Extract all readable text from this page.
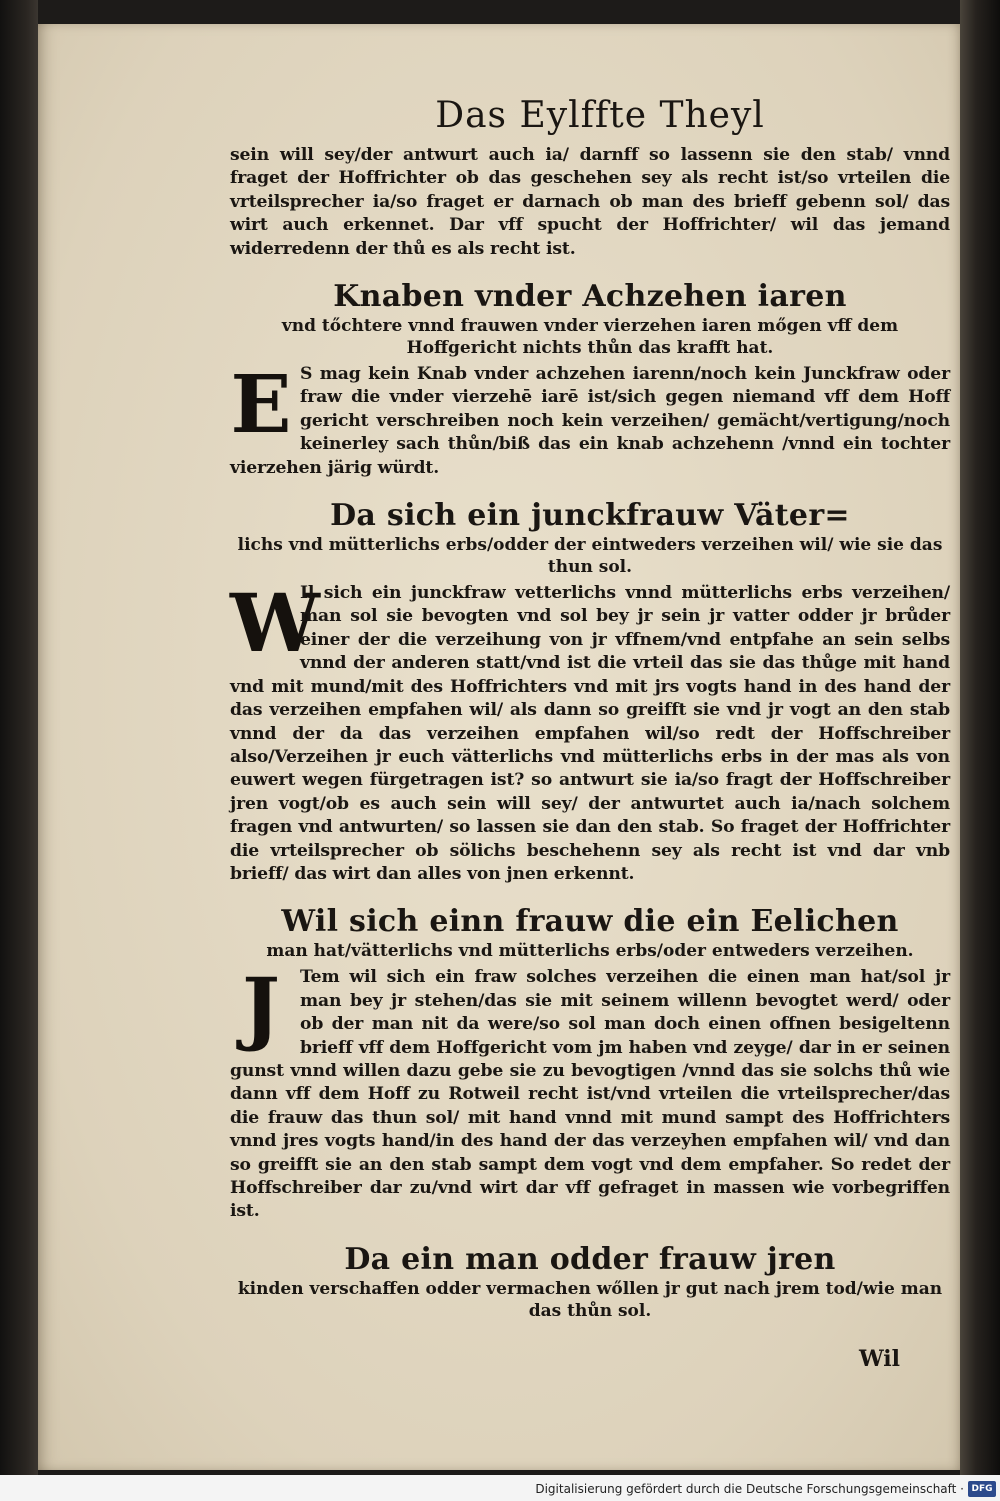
Das Eylffte Theyl

sein will sey/der antwurt auch ia/ darnff so lassenn sie den stab/ vnnd fraget der Hoffrichter ob das geschehen sey als recht ist/so vrteilen die vrteilsprecher ia/so fraget er darnach ob man des brieff gebenn sol/ das wirt auch erkennet. Dar vff spucht der Hoffrichter/ wil das jemand widerredenn der thů es als recht ist.

Knaben vnder Achzehen iaren
vnd tőchtere vnnd frauwen vnder vierzehen iaren mőgen vff dem Hoffgericht nichts thůn das krafft hat.
E S mag kein Knab vnder achzehen iarenn/noch kein Junckfraw oder fraw die vnder vierzehē iarē ist/sich gegen niemand vff dem Hoff gericht verschreiben noch kein verzeihen/ gemächt/vertigung/noch keinerley sach thůn/biß das ein knab achzehenn /vnnd ein tochter vierzehen järig würdt.

Da sich ein junckfrauw Väter=
lichs vnd mütterlichs erbs/odder der eintweders verzeihen wil/ wie sie das thun sol.
W

Il sich ein junckfraw vetterlichs vnnd mütterlichs erbs verzeihen/ man sol sie bevogten vnd sol bey jr sein jr vatter odder jr brůder einer der die verzeihung von jr vffnem/vnd entpfahe an sein selbs vnnd der anderen statt/vnd ist die vrteil das sie das thůge mit hand vnd mit mund/mit des Hoffrichters vnd mit jrs vogts hand in des hand der das verzeihen empfahen wil/ als dann so greifft sie vnd jr vogt an den stab vnnd der da das verzeihen empfahen wil/so redt der Hoffschreiber also/Verzeihen jr euch vätterlichs vnd mütterlichs erbs in der mas als von euwert wegen fürgetragen ist? so antwurt sie ia/so fragt der Hoffschreiber jren vogt/ob es auch sein will sey/ der antwurtet auch ia/nach solchem fragen vnd antwurten/ so lassen sie dan den stab. So fraget der Hoffrichter die vrteilsprecher ob sölichs beschehenn sey als recht ist vnd dar vnb brieff/ das wirt dan alles von jnen erkennt.

Wil sich einn frauw die ein Eelichen
man hat/vätterlichs vnd mütterlichs erbs/oder entweders verzeihen.
J	Tem wil sich ein fraw solches verzeihen die einen man hat/sol jr man bey jr stehen/das sie mit seinem willenn bevogtet werd/ oder ob der man nit da were/so sol man doch einen offnen besigeltenn brieff vff dem Hoffgericht vom jm haben vnd zeyge/ dar in er seinen gunst vnnd willen dazu gebe sie zu bevogtigen /vnnd das sie solchs thů wie dann vff dem Hoff zu Rotweil recht ist/vnd vrteilen die vrteilsprecher/das die frauw das thun sol/ mit hand vnnd mit mund sampt des Hoffrichters vnnd jres vogts hand/in des hand der das verzeyhen empfahen wil/ vnd dan so greifft sie an den stab sampt dem vogt vnd dem empfaher. So redet der Hoffschreiber dar zu/vnd wirt dar vff gefraget in massen wie vorbegriffen ist.

Da ein man odder frauw jren
kinden verschaffen odder vermachen wőllen jr gut nach jrem tod/wie man das thůn sol.
Wil
Digitalisierung gefördert durch die Deutsche Forschungsgemeinschaft · DFG
